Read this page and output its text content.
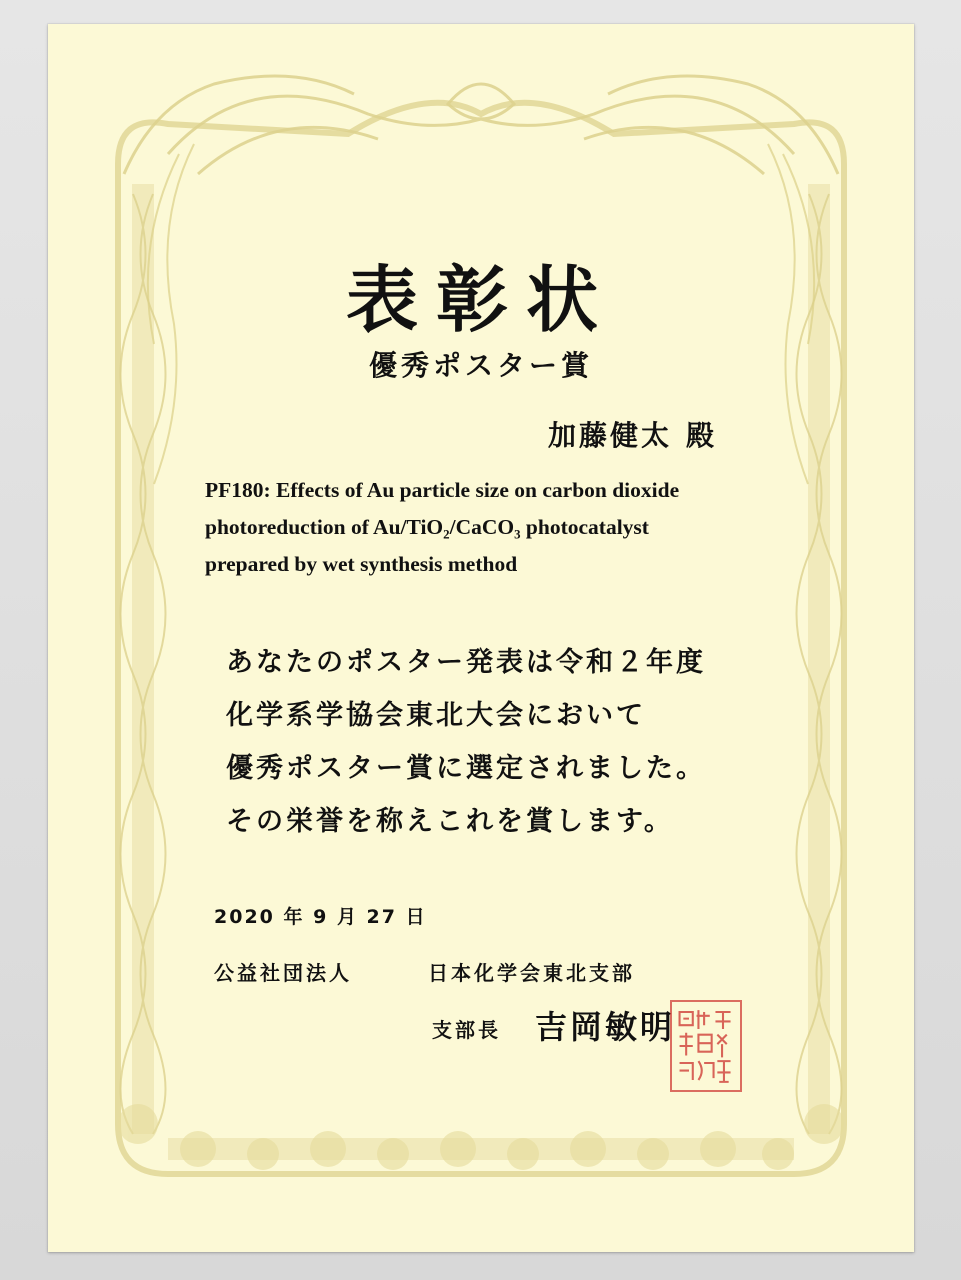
表彰状
優秀ポスター賞
加藤健太 殿
PF180: Effects of Au particle size on carbon dioxide
photoreduction of Au/TiO₂/CaCO₃ photocatalyst
prepared by wet synthesis method
あなたのポスター発表は令和２年度
化学系学協会東北大会において
優秀ポスター賞に選定されました。
その栄誉を称えこれを賞します。
2020 年 9 月 27 日
公益社団法人	日本化学会東北支部
支部長 吉岡敏明
